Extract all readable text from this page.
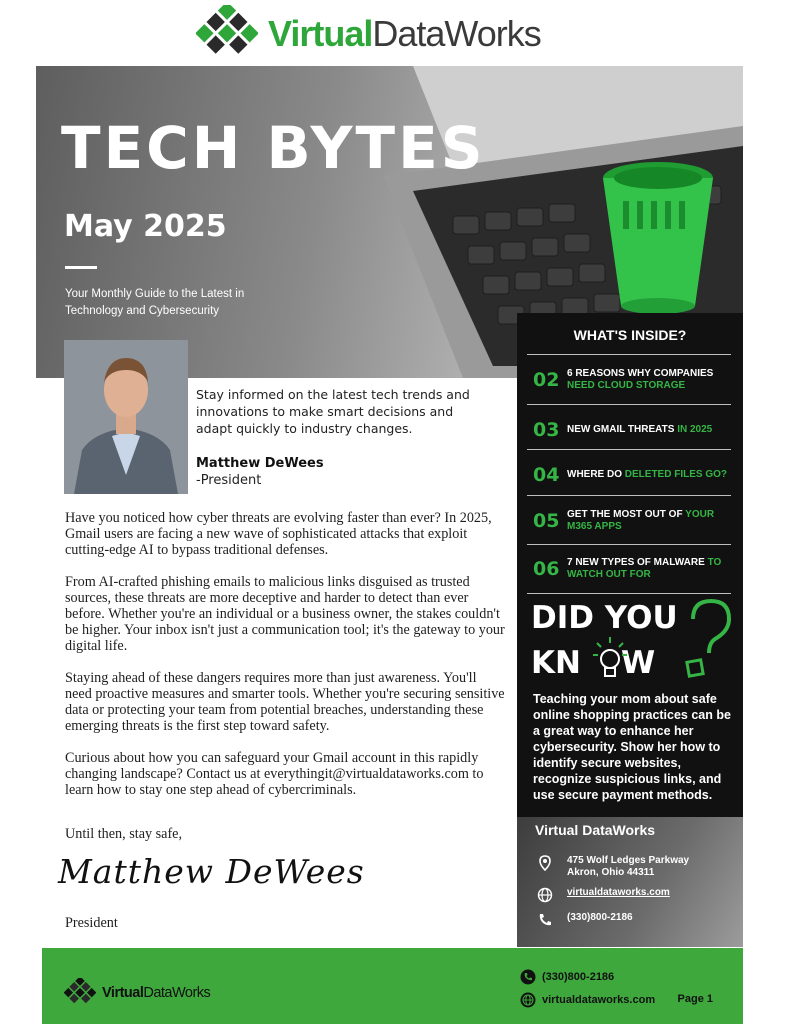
VirtualDataWorks
TECH BYTES
May 2025
Your Monthly Guide to the Latest in Technology and Cybersecurity
Stay informed on the latest tech trends and innovations to make smart decisions and adapt quickly to industry changes.
Matthew DeWees
-President

Have you noticed how cyber threats are evolving faster than ever? In 2025, Gmail users are facing a new wave of sophisticated attacks that exploit cutting-edge AI to bypass traditional defenses.

From AI-crafted phishing emails to malicious links disguised as trusted sources, these threats are more deceptive and harder to detect than ever before. Whether you're an individual or a business owner, the stakes couldn't be higher. Your inbox isn't just a communication tool; it's the gateway to your digital life.

Staying ahead of these dangers requires more than just awareness. You'll need proactive measures and smarter tools. Whether you're securing sensitive data or protecting your team from potential breaches, understanding these emerging threats is the first step toward safety.

Curious about how you can safeguard your Gmail account in this rapidly changing landscape? Contact us at everythingit@virtualdataworks.com to learn how to stay one step ahead of cybercriminals.

Until then, stay safe,
Matthew DeWees
President
WHAT'S INSIDE?
02 6 REASONS WHY COMPANIES
NEED CLOUD STORAGE
03 NEW GMAIL THREATS IN 2025
04 WHERE DO DELETED FILES GO?
05 GET THE MOST OUT OF YOUR M365 APPS
06 7 NEW TYPES OF MALWARE TO WATCH OUT FOR
DID YOU
KN W
Teaching your mom about safe online shopping practices can be a great way to enhance her cybersecurity. Show her how to identify secure websites, recognize suspicious links, and use secure payment methods.
Virtual DataWorks
475 Wolf Ledges Parkway
Akron, Ohio 44311
virtualdataworks.com
(330)800-2186
VirtualDataWorks
(330)800-2186
virtualdataworks.com Page 1
